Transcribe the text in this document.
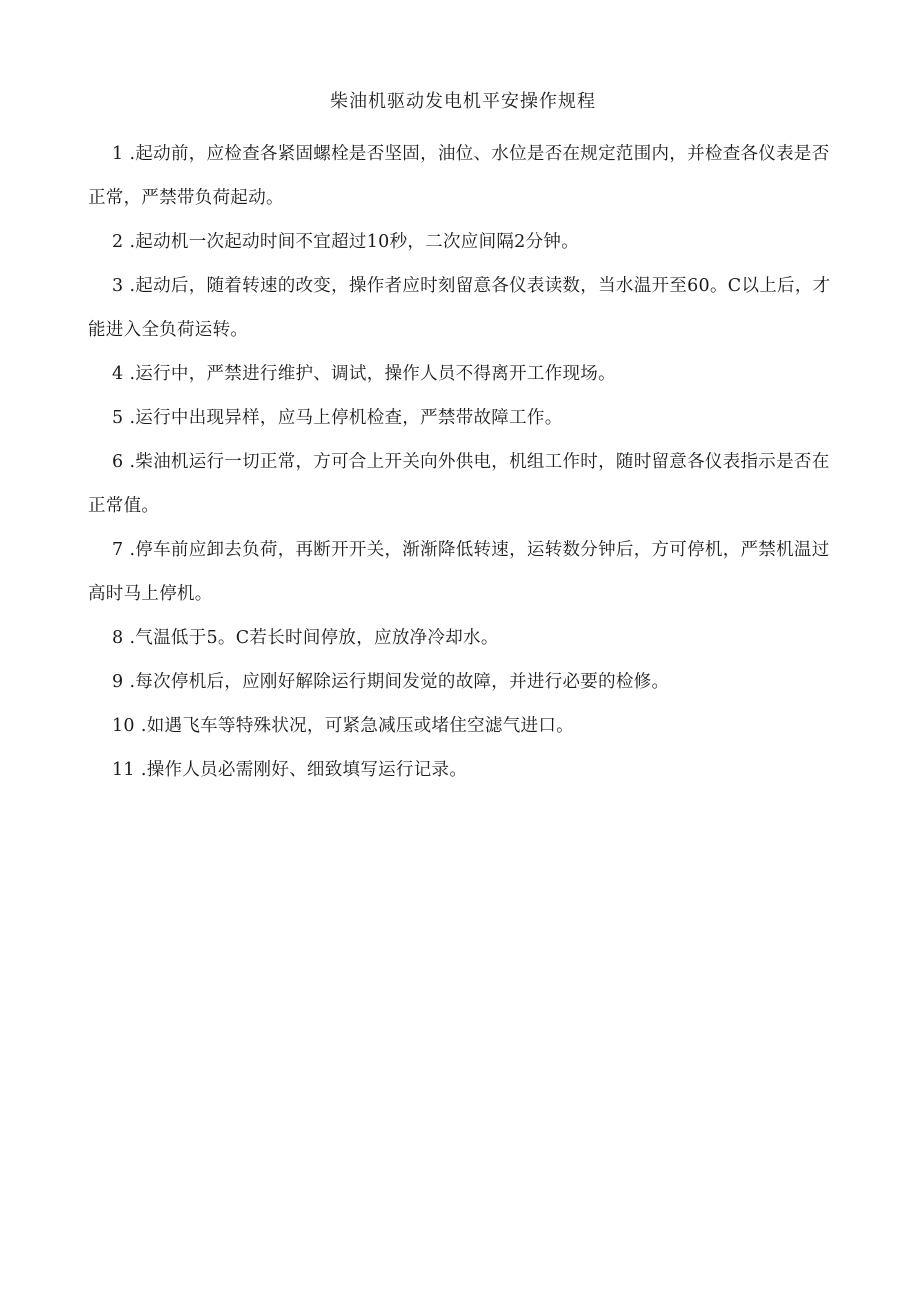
柴油机驱动发电机平安操作规程

1 .起动前，应检查各紧固螺栓是否坚固，油位、水位是否在规定范围内，并检查各仪表是否正常，严禁带负荷起动。

2 .起动机一次起动时间不宜超过10秒，二次应间隔2分钟。

3 .起动后，随着转速的改变，操作者应时刻留意各仪表读数，当水温开至60。C以上后，才能进入全负荷运转。

4 .运行中，严禁进行维护、调试，操作人员不得离开工作现场。

5 .运行中出现异样，应马上停机检查，严禁带故障工作。

6 .柴油机运行一切正常，方可合上开关向外供电，机组工作时，随时留意各仪表指示是否在正常值。

7 .停车前应卸去负荷，再断开开关，渐渐降低转速，运转数分钟后，方可停机，严禁机温过高时马上停机。

8 .气温低于5。C若长时间停放，应放净冷却水。

9 .每次停机后，应刚好解除运行期间发觉的故障，并进行必要的检修。

10 .如遇飞车等特殊状况，可紧急减压或堵住空滤气进口。

11 .操作人员必需刚好、细致填写运行记录。
